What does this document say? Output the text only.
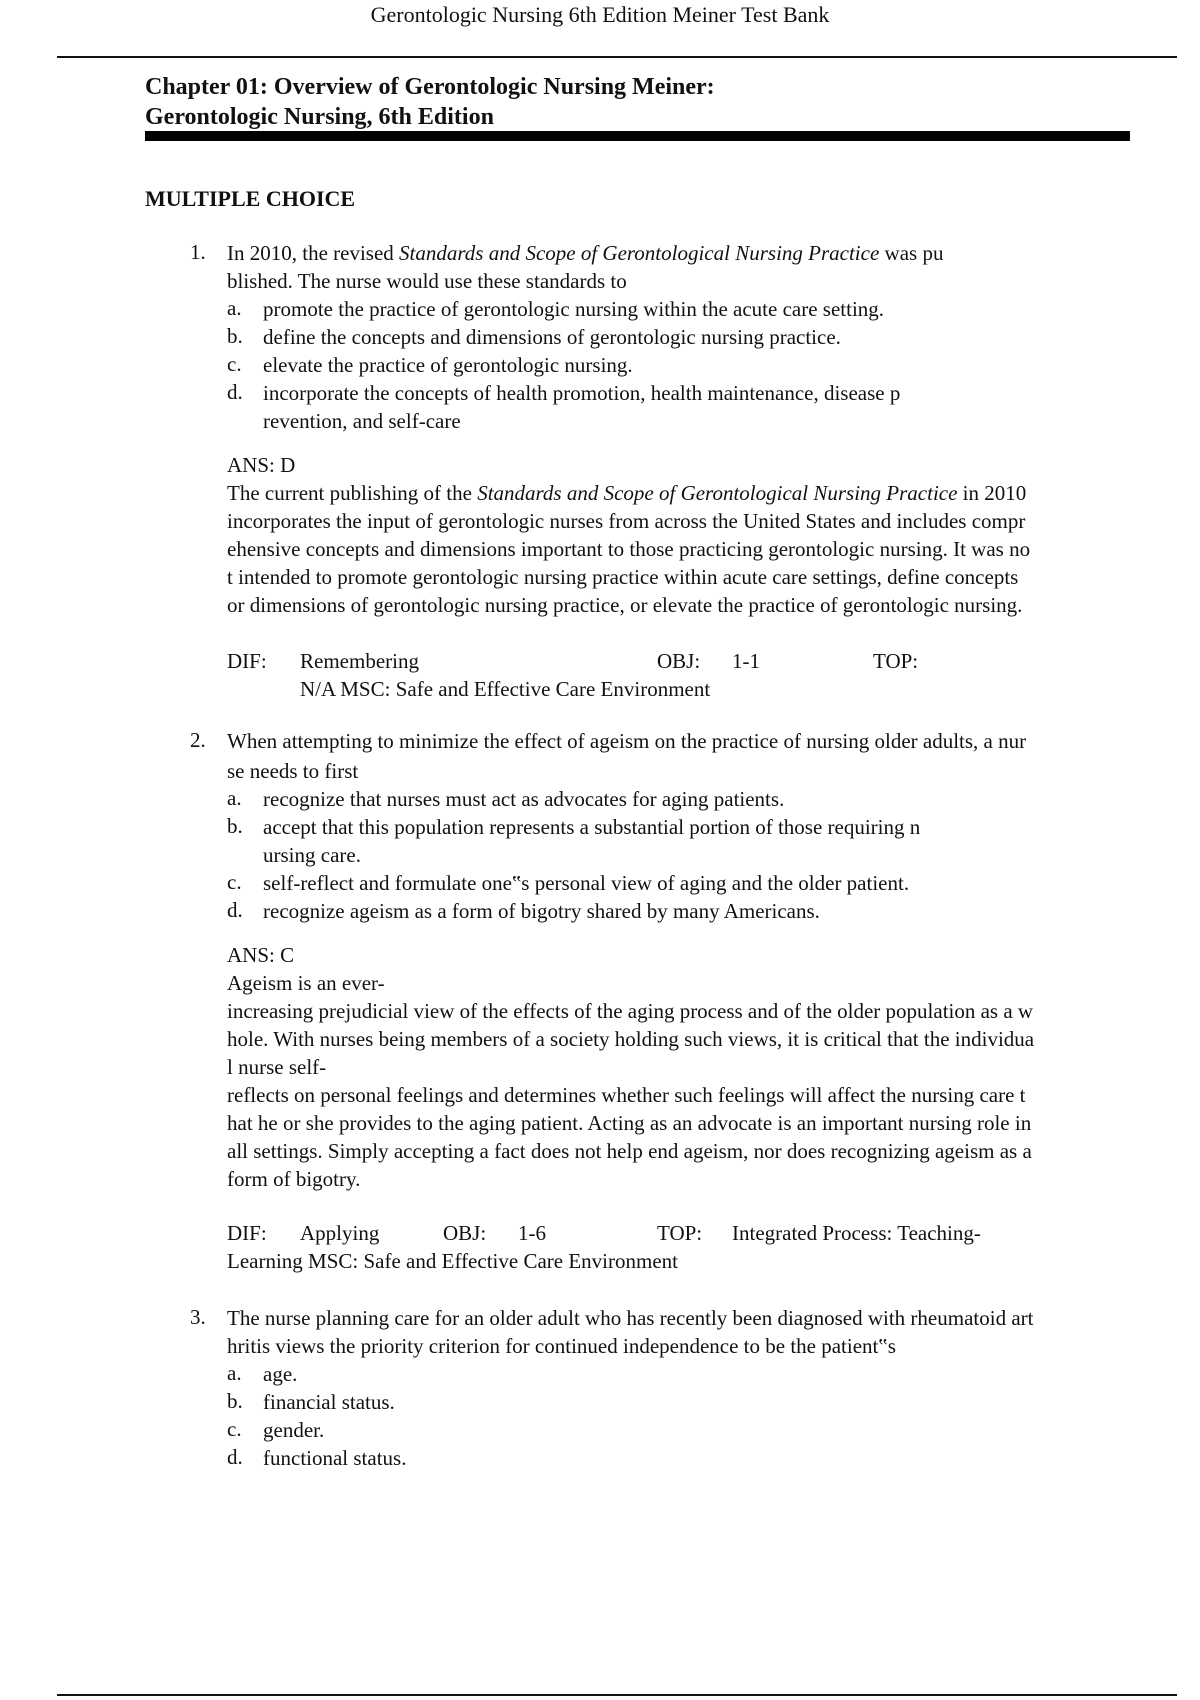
Gerontologic Nursing 6th Edition Meiner Test Bank
Chapter 01: Overview of Gerontologic Nursing Meiner:
Gerontologic Nursing, 6th Edition
MULTIPLE CHOICE
1. In 2010, the revised Standards and Scope of Gerontological Nursing Practice was pu
blished. The nurse would use these standards to
a. promote the practice of gerontologic nursing within the acute care setting.
b. define the concepts and dimensions of gerontologic nursing practice.
c. elevate the practice of gerontologic nursing.
d. incorporate the concepts of health promotion, health maintenance, disease p
revention, and self-care
ANS: D
The current publishing of the Standards and Scope of Gerontological Nursing Practice in 2010
incorporates the input of gerontologic nurses from across the United States and includes compr
ehensive concepts and dimensions important to those practicing gerontologic nursing. It was no
t intended to promote gerontologic nursing practice within acute care settings, define concepts
or dimensions of gerontologic nursing practice, or elevate the practice of gerontologic nursing.
DIF: Remembering	OBJ: 1-1	TOP:
N/A MSC: Safe and Effective Care Environment
2. When attempting to minimize the effect of ageism on the practice of nursing older adults, a nur
se needs to first
a. recognize that nurses must act as advocates for aging patients.
b. accept that this population represents a substantial portion of those requiring n
ursing care.
c. self-reflect and formulate one‟s personal view of aging and the older patient.
d. recognize ageism as a form of bigotry shared by many Americans.
ANS: C
Ageism is an ever-
increasing prejudicial view of the effects of the aging process and of the older population as a w
hole. With nurses being members of a society holding such views, it is critical that the individua
l nurse self-
reflects on personal feelings and determines whether such feelings will affect the nursing care t
hat he or she provides to the aging patient. Acting as an advocate is an important nursing role in
all settings. Simply accepting a fact does not help end ageism, nor does recognizing ageism as a
form of bigotry.
DIF: Applying	OBJ: 1-6	TOP: Integrated Process: Teaching-
Learning MSC: Safe and Effective Care Environment
3. The nurse planning care for an older adult who has recently been diagnosed with rheumatoid art
hritis views the priority criterion for continued independence to be the patient‟s
a. age.
b. financial status.
c. gender.
d. functional status.
